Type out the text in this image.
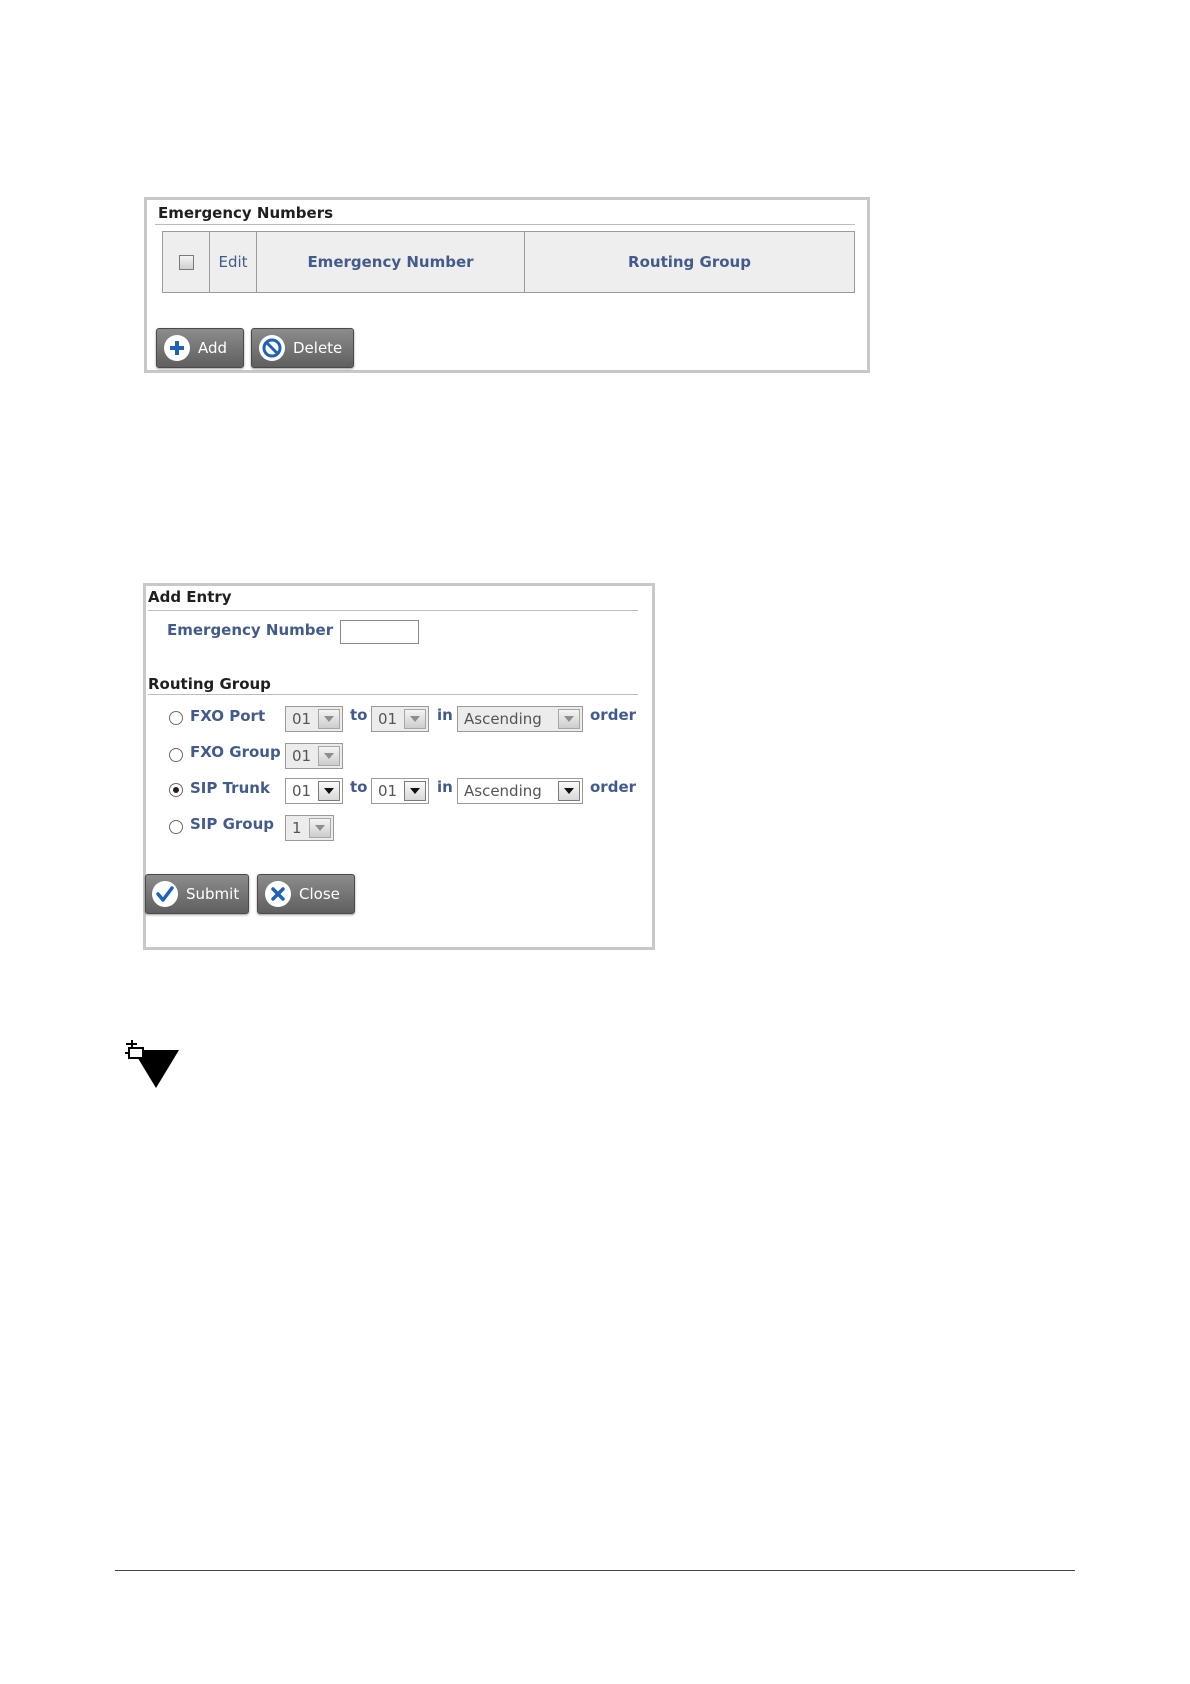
Emergency Numbers
Edit	Emergency Number	Routing Group
Add	Delete
Add Entry
Emergency Number
Routing Group
FXO Port 01	to 01	in Ascending	order
FXO Group 01
SIP Trunk 01	to 01	in Ascending	order
SIP Group 1
Submit	Close
